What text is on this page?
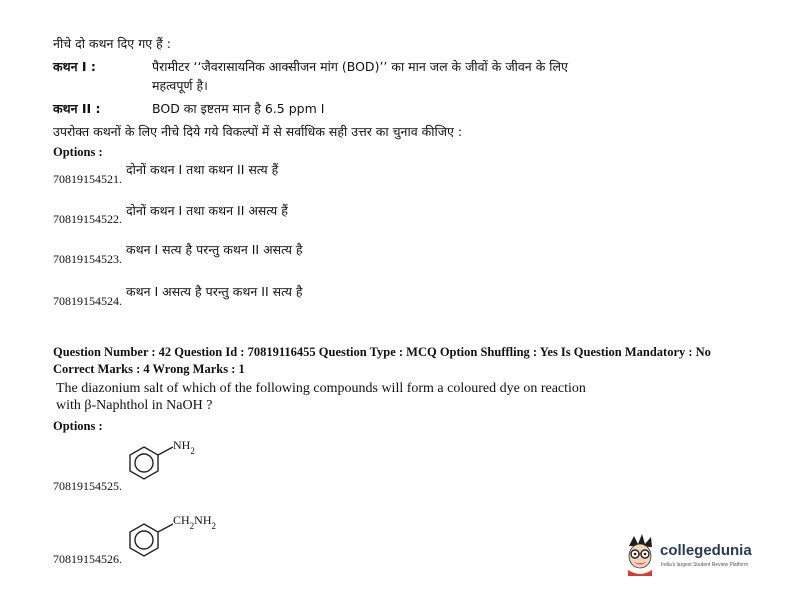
नीचे दो कथन दिए गए हैं :
कथन I :	पैरामीटर ‘‘जैवरासायनिक आक्सीजन मांग (BOD)’’ का मान जल के जीवों के जीवन के लिए
महत्वपूर्ण है।
कथन II :	BOD का इष्टतम मान है 6.5 ppm I
उपरोक्त कथनों के लिए नीचे दिये गये विकल्पों में से सर्वाधिक सही उत्तर का चुनाव कीजिए :
Options :
70819154521.
दोनों कथन I तथा कथन II सत्य हैं
70819154522.
दोनों कथन I तथा कथन II असत्य हैं
70819154523.
कथन I सत्य है परन्तु कथन II असत्य है
70819154524.
कथन I असत्य है परन्तु कथन II सत्य है
Question Number : 42 Question Id : 70819116455 Question Type : MCQ Option Shuffling : Yes Is Question Mandatory : No
Correct Marks : 4 Wrong Marks : 1
The diazonium salt of which of the following compounds will form a coloured dye on reaction
with β-Naphthol in NaOH ?
Options :
70819154525.
$NH_2$
70819154526.
$CH_2NH_2$
collegedunia
India's largest Student Review Platform
